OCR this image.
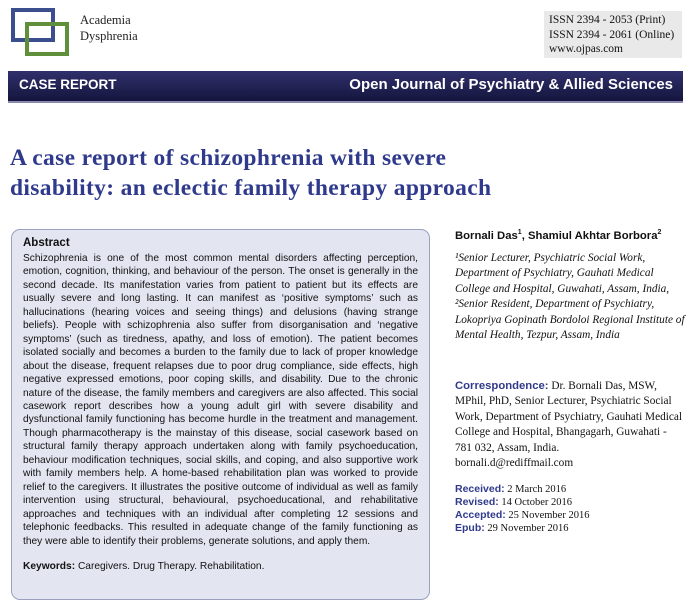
Academia
Dysphrenia
ISSN 2394 - 2053 (Print)
ISSN 2394 - 2061 (Online)
www.ojpas.com
CASE REPORT	Open Journal of Psychiatry & Allied Sciences
A case report of schizophrenia with severe
disability: an eclectic family therapy approach
Abstract
Schizophrenia is one of the most common mental disorders affecting perception, emotion, cognition, thinking, and behaviour of the person. The onset is generally in the second decade. Its manifestation varies from patient to patient but its effects are usually severe and long lasting. It can manifest as ‘positive symptoms’ such as hallucinations (hearing voices and seeing things) and delusions (having strange beliefs). People with schizophrenia also suffer from disorganisation and ‘negative symptoms’ (such as tiredness, apathy, and loss of emotion). The patient becomes isolated socially and becomes a burden to the family due to lack of proper knowledge about the disease, frequent relapses due to poor drug compliance, side effects, high negative expressed emotions, poor coping skills, and disability. Due to the chronic nature of the disease, the family members and caregivers are also affected. This social casework report describes how a young adult girl with severe disability and dysfunctional family functioning has become hurdle in the treatment and management. Though pharmacotherapy is the mainstay of this disease, social casework based on structural family therapy approach undertaken along with family psychoeducation, behaviour modification techniques, social skills, and coping, and also supportive work with family members help. A home-based rehabilitation plan was worked to provide relief to the caregivers. It illustrates the positive outcome of individual as well as family intervention using structural, behavioural, psychoeducational, and rehabilitative approaches and techniques with an individual after completing 12 sessions and telephonic feedbacks. This resulted in adequate change of the family functioning as they were able to identify their problems, generate solutions, and apply them.
Keywords: Caregivers. Drug Therapy. Rehabilitation.
Bornali Das$^1$, Shamiul Akhtar Borbora$^2$
¹Senior Lecturer, Psychiatric Social Work, Department of Psychiatry, Gauhati Medical College and Hospital, Guwahati, Assam, India, ²Senior Resident, Department of Psychiatry, Lokopriya Gopinath Bordoloi Regional Institute of Mental Health, Tezpur, Assam, India
Correspondence: Dr. Bornali Das, MSW, MPhil, PhD, Senior Lecturer, Psychiatric Social Work, Department of Psychiatry, Gauhati Medical College and Hospital, Bhangagarh, Guwahati - 781 032, Assam, India.
bornali.d@rediffmail.com
Received: 2 March 2016
Revised: 14 October 2016
Accepted: 25 November 2016
Epub: 29 November 2016
